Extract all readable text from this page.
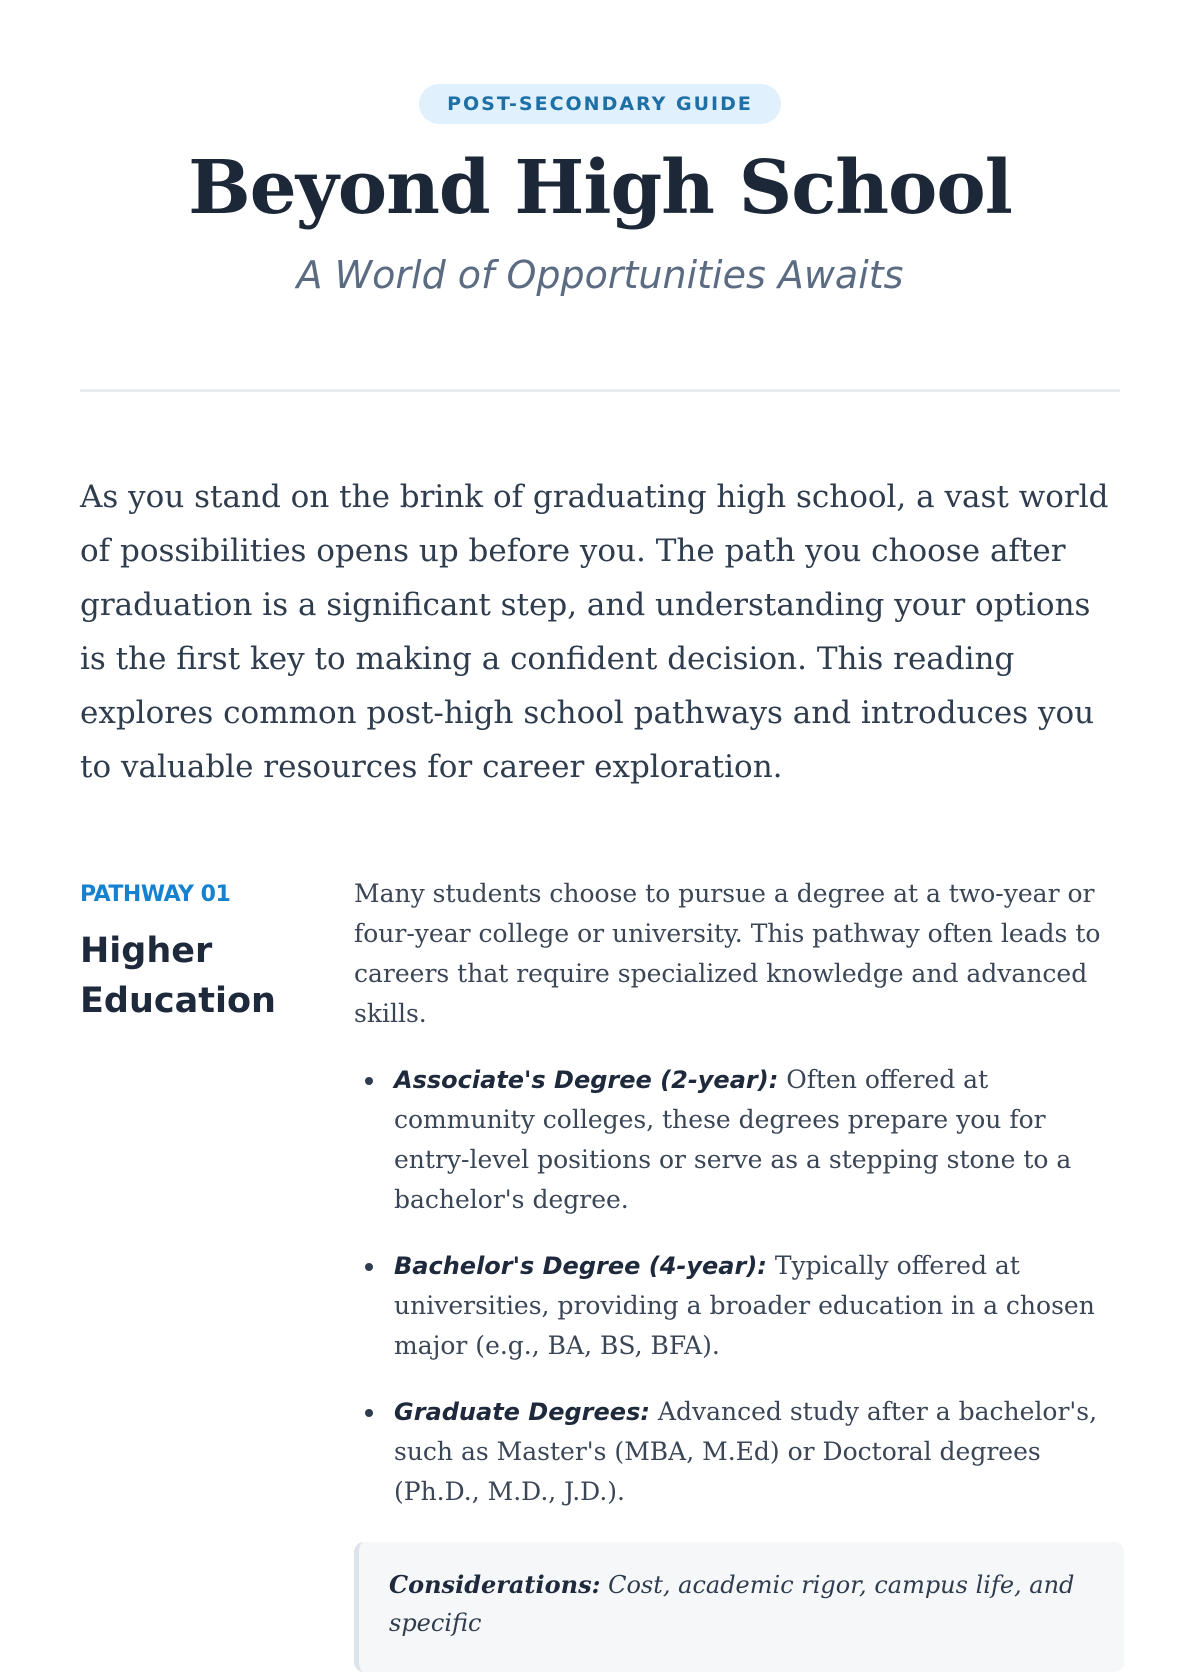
POST-SECONDARY GUIDE
Beyond High School

A World of Opportunities Awaits

As you stand on the brink of graduating high school, a vast world of possibilities opens up before you. The path you choose after graduation is a significant step, and understanding your options is the first key to making a confident decision. This reading explores common post-high school pathways and introduces you to valuable resources for career exploration.

PATHWAY 01
Higher Education

Many students choose to pursue a degree at a two-year or four-year college or university. This pathway often leads to careers that require specialized knowledge and advanced skills.

Associate's Degree (2-year): Often offered at community colleges, these degrees prepare you for entry-level positions or serve as a stepping stone to a bachelor's degree.
Bachelor's Degree (4-year): Typically offered at universities, providing a broader education in a chosen major (e.g., BA, BS, BFA).
Graduate Degrees: Advanced study after a bachelor's, such as Master's (MBA, M.Ed) or Doctoral degrees (Ph.D., M.D., J.D.).
Considerations: Cost, academic rigor, campus life, and specific
